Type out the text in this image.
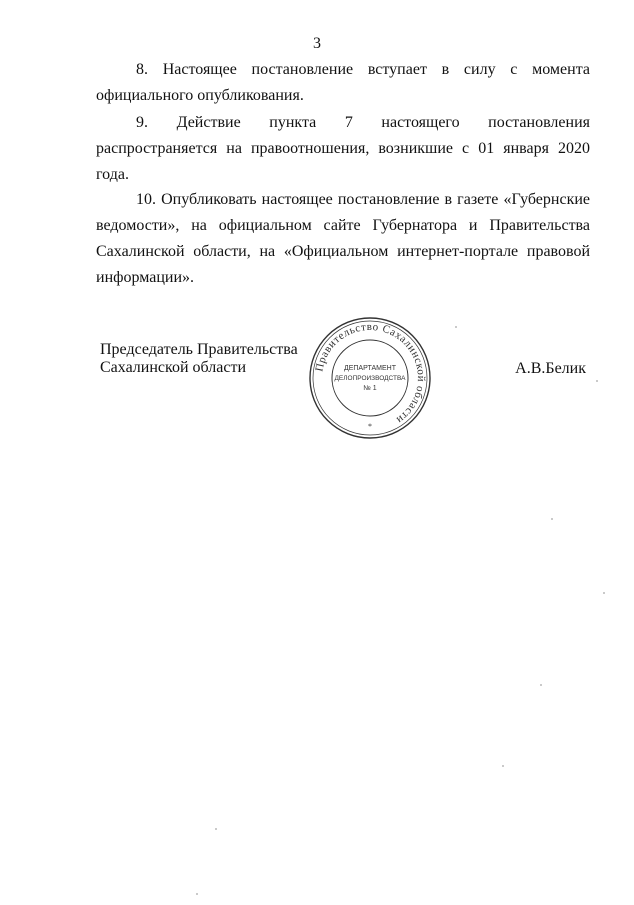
3

8. Настоящее постановление вступает в силу с момента официального опубликования.

9. Действие пункта 7 настоящего постановления распространяется на правоотношения, возникшие с 01 января 2020 года.

10. Опубликовать настоящее постановление в газете «Губернские ведомости», на официальном сайте Губернатора и Правительства Сахалинской области, на «Официальном интернет-портале правовой информации».

Председатель Правительства
Сахалинской области	Правительство Сахалинской области
*
ДЕПАРТАМЕНТ
ДЕЛОПРОИЗВОДСТВА
№ 1
А.В.Белик
